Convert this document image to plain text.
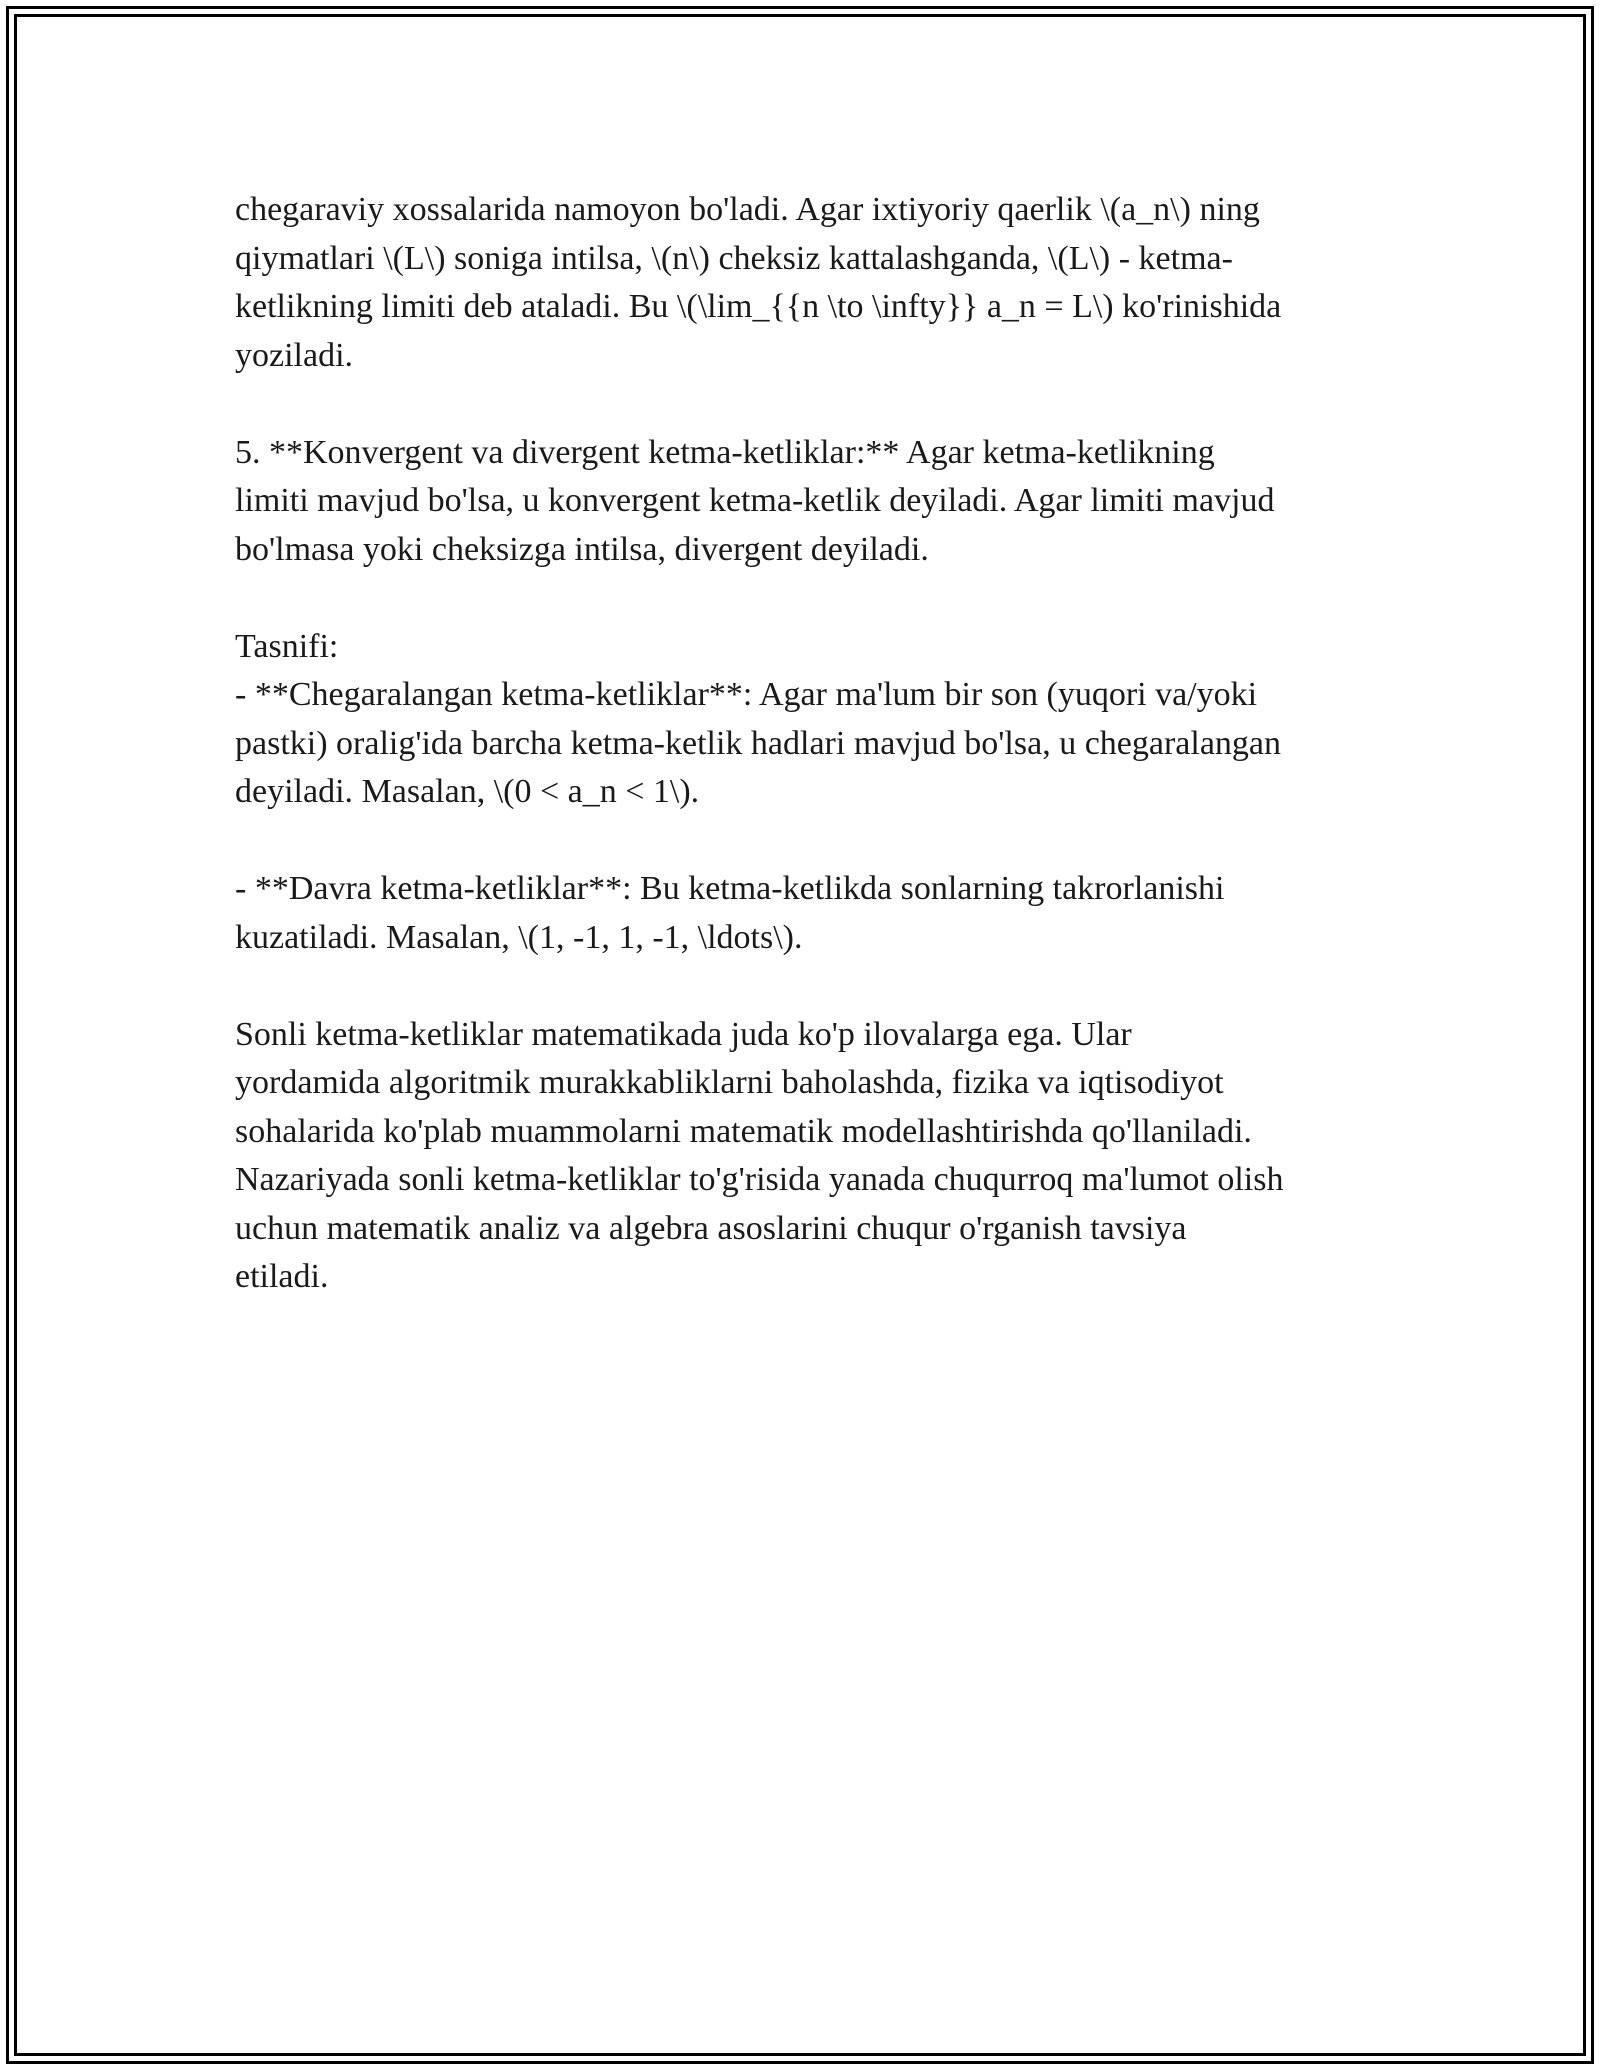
chegaraviy xossalarida namoyon bo'ladi. Agar ixtiyoriy qaerlik \(a_n\) ning
qiymatlari \(L\) soniga intilsa, \(n\) cheksiz kattalashganda, \(L\) - ketma-
ketlikning limiti deb ataladi. Bu \(\lim_{{n \to \infty}} a_n = L\) ko'rinishida
yoziladi.

5. **Konvergent va divergent ketma-ketliklar:** Agar ketma-ketlikning
limiti mavjud bo'lsa, u konvergent ketma-ketlik deyiladi. Agar limiti mavjud
bo'lmasa yoki cheksizga intilsa, divergent deyiladi.

Tasnifi:

- **Chegaralangan ketma-ketliklar**: Agar ma'lum bir son (yuqori va/yoki
pastki) oralig'ida barcha ketma-ketlik hadlari mavjud bo'lsa, u chegaralangan
deyiladi. Masalan, \(0 < a_n < 1\).

- **Davra ketma-ketliklar**: Bu ketma-ketlikda sonlarning takrorlanishi
kuzatiladi. Masalan, \(1, -1, 1, -1, \ldots\).

Sonli ketma-ketliklar matematikada juda ko'p ilovalarga ega. Ular
yordamida algoritmik murakkabliklarni baholashda, fizika va iqtisodiyot
sohalarida ko'plab muammolarni matematik modellashtirishda qo'llaniladi.
Nazariyada sonli ketma-ketliklar to'g'risida yanada chuqurroq ma'lumot olish
uchun matematik analiz va algebra asoslarini chuqur o'rganish tavsiya
etiladi.
